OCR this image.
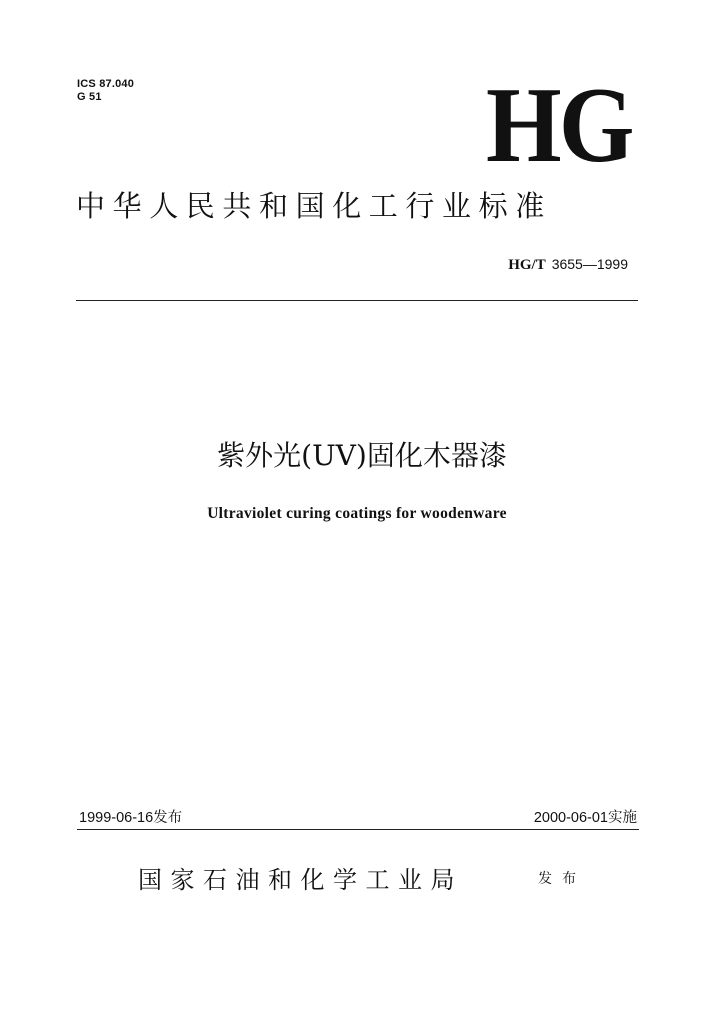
ICS 87.040
G 51	HG
中华人民共和国化工行业标准
HG/T 3655—1999
紫外光(UV)固化木器漆
Ultraviolet curing coatings for woodenware
1999-06-16发布	2000-06-01实施
国家石油和化学工业局	发布
